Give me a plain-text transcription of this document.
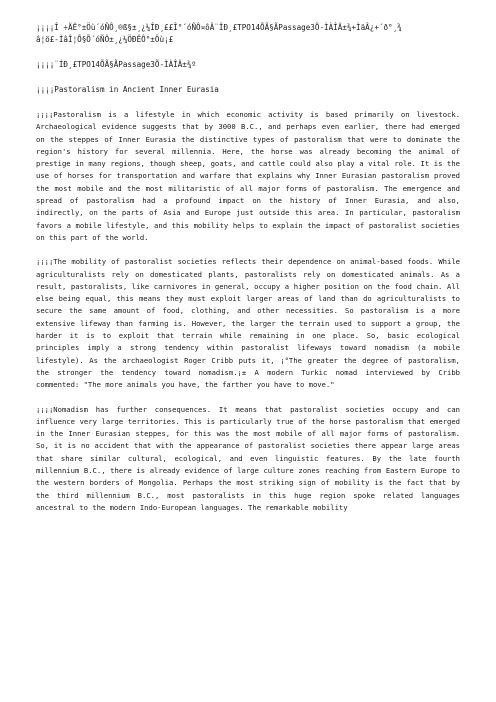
¡¡¡¡Î ÷ÄË°±Öù´óÑÔ¸®ß§±¸¿¼ÎÐ¸££Î°´óÑÔ¤ôÂ¨ÎÐ¸£TPO14ÕÃ§ÃPassage3Õ-ÌÀÎÄ±¾+ÌäÂ¿+´ð°¸¾
â¦ö£-ÌâÎ¦Õ§Õ´óÑÔ±¸¿¼ÖÐÊÔ°±Öù¡£

¡¡¡¡¨ÍÐ¸£TPO14ÕÃ§ÃPassage3Õ-ÌÀÎÄ±¾º

¡¡¡¡Pastoralism in Ancient Inner Eurasia

¡¡¡¡Pastoralism is a lifestyle in which economic activity is based primarily on livestock. Archaeological evidence suggests that by 3000 B.C., and perhaps even earlier, there had emerged on the steppes of Inner Eurasia the distinctive types of pastoralism that were to dominate the region's history for several millennia. Here, the horse was already becoming the animal of prestige in many regions, though sheep, goats, and cattle could also play a vital role. It is the use of horses for transportation and warfare that explains why Inner Eurasian pastoralism proved the most mobile and the most militaristic of all major forms of pastoralism. The emergence and spread of pastoralism had a profound impact on the history of Inner Eurasia, and also, indirectly, on the parts of Asia and Europe just outside this area. In particular, pastoralism favors a mobile lifestyle, and this mobility helps to explain the impact of pastoralist societies on this part of the world.

¡¡¡¡The mobility of pastoralist societies reflects their dependence on animal-based foods. While agriculturalists rely on domesticated plants, pastoralists rely on domesticated animals. As a result, pastoralists, like carnivores in general, occupy a higher position on the food chain. All else being equal, this means they must exploit larger areas of land than do agriculturalists to secure the same amount of food, clothing, and other necessities. So pastoralism is a more extensive lifeway than farming is. However, the larger the terrain used to support a group, the harder it is to exploit that terrain while remaining in one place. So, basic ecological principles imply a strong tendency within pastoralist lifeways toward nomadism (a mobile lifestyle). As the archaeologist Roger Cribb puts it, ¡°The greater the degree of pastoralism, the stronger the tendency toward nomadism.¡± A modern Turkic nomad interviewed by Cribb commented: "The more animals you have, the farther you have to move."

¡¡¡¡Nomadism has further consequences. It means that pastoralist societies occupy and can influence very large territories. This is particularly true of the horse pastoralism that emerged in the Inner Eurasian steppes, for this was the most mobile of all major forms of pastoralism. So, it is no accident that with the appearance of pastoralist societies there appear large areas that share similar cultural, ecological, and even linguistic features. By the late fourth millennium B.C., there is already evidence of large culture zones reaching from Eastern Europe to the western borders of Mongolia. Perhaps the most striking sign of mobility is the fact that by the third millennium B.C., most pastoralists in this huge region spoke related languages ancestral to the modern Indo-European languages. The remarkable mobility
